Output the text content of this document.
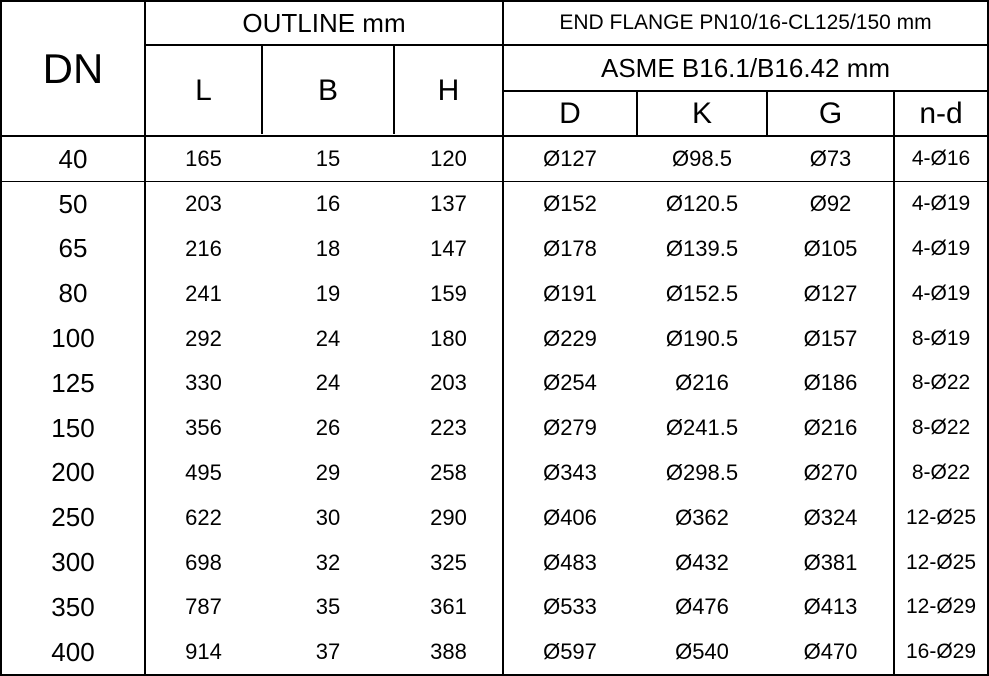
DN
OUTLINE mm	END FLANGE PN10/16-CL125/150 mm
ASME B16.1/B16.42 mm
L	B	H
D	K	G	n-d
40	165	15	120	Ø127	Ø98.5	Ø73	4-Ø16
50	203	16	137	Ø152	Ø120.5	Ø92	4-Ø19
65	216	18	147	Ø178	Ø139.5	Ø105	4-Ø19
80	241	19	159	Ø191	Ø152.5	Ø127	4-Ø19
100	292	24	180	Ø229	Ø190.5	Ø157	8-Ø19
125	330	24	203	Ø254	Ø216	Ø186	8-Ø22
150	356	26	223	Ø279	Ø241.5	Ø216	8-Ø22
200	495	29	258	Ø343	Ø298.5	Ø270	8-Ø22
250	622	30	290	Ø406	Ø362	Ø324	12-Ø25
300	698	32	325	Ø483	Ø432	Ø381	12-Ø25
350	787	35	361	Ø533	Ø476	Ø413	12-Ø29
400	914	37	388	Ø597	Ø540	Ø470	16-Ø29
